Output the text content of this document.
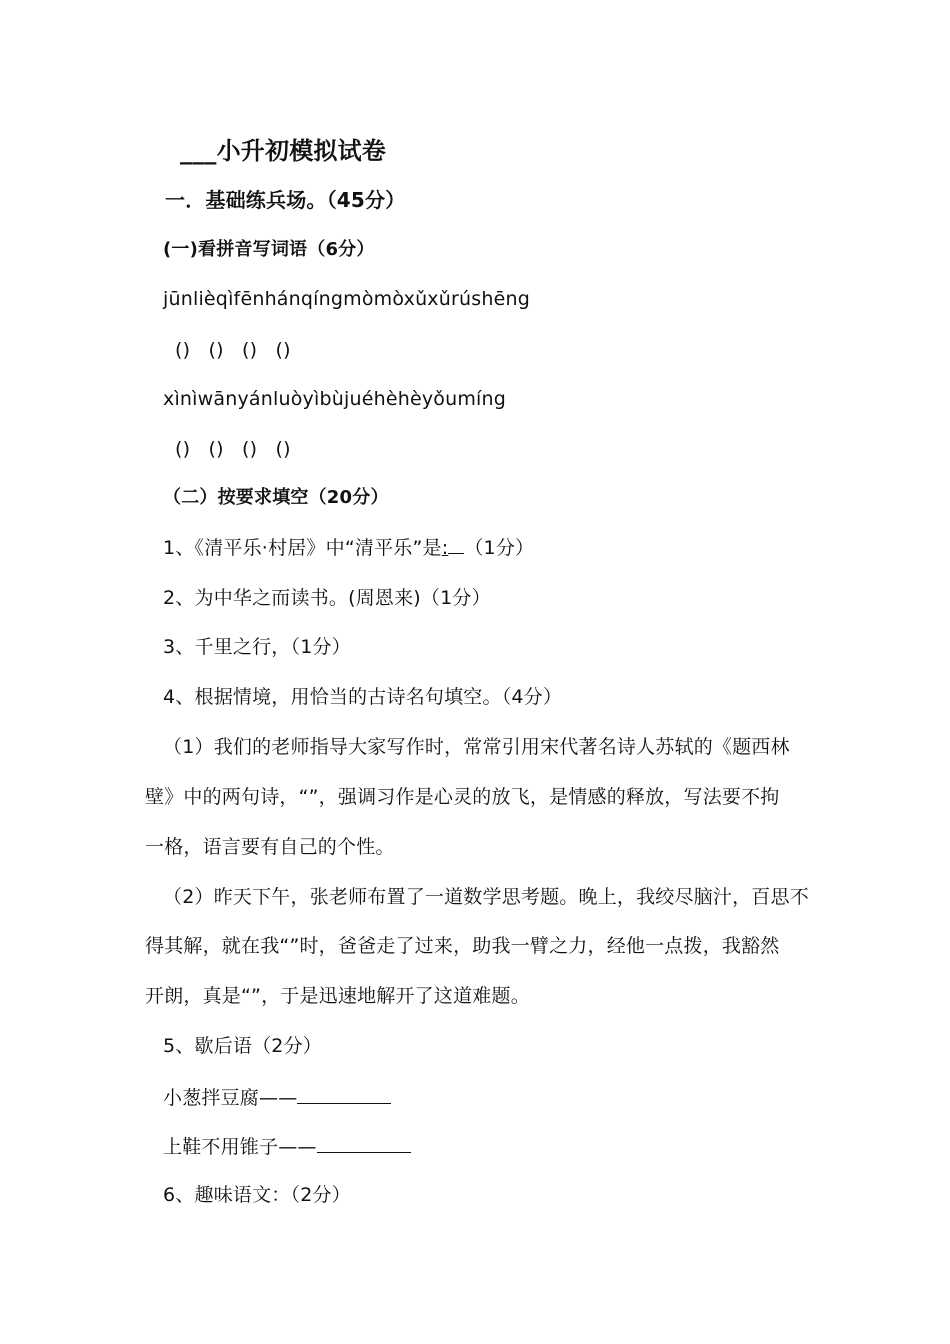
___小升初模拟试卷
一．基础练兵场。（45分）
(一)看拼音写词语（6分）
jūnlièqìfēnhánqíngmòmòxǔxǔrúshēng
() () () ()
xìnìwānyánluòyìbùjuéhèhèyǒumíng
() () () ()
（二）按要求填空（20分）
1、《清平乐·村居》中“清平乐”是: （1分）
2、为中华之而读书。(周恩来)（1分）
3、千里之行，（1分）
4、根据情境，用恰当的古诗名句填空。（4分）
（1）我们的老师指导大家写作时，常常引用宋代著名诗人苏轼的《题西林
壁》中的两句诗，“”，强调习作是心灵的放飞，是情感的释放，写法要不拘
一格，语言要有自己的个性。
（2）昨天下午，张老师布置了一道数学思考题。晚上，我绞尽脑汁，百思不
得其解，就在我“”时，爸爸走了过来，助我一臂之力，经他一点拨，我豁然
开朗，真是“”，于是迅速地解开了这道难题。
5、歇后语（2分）
小葱拌豆腐——
上鞋不用锥子——
6、趣味语文：（2分）
